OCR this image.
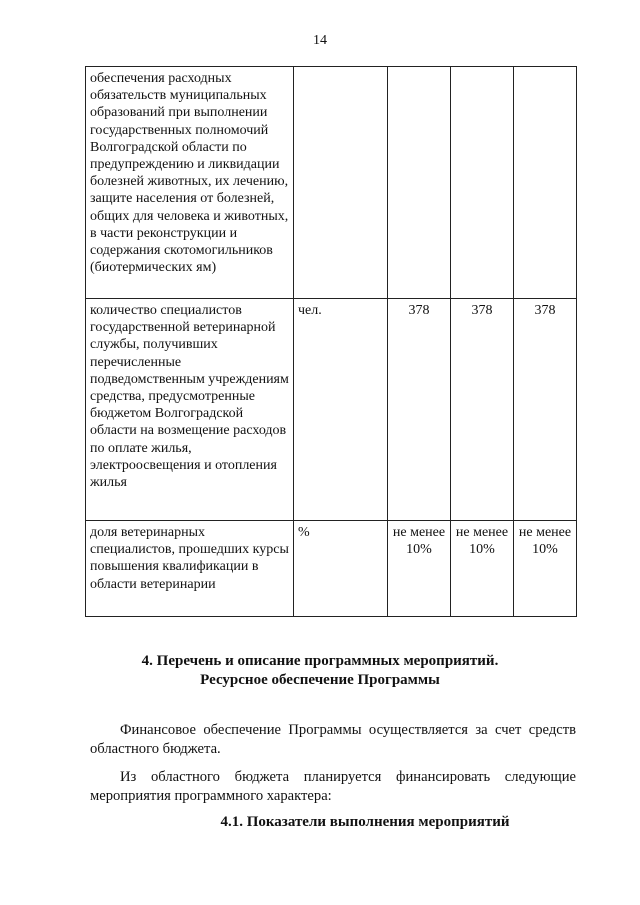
14
обеспечения расходных обязательств муниципальных образований при выполнении государственных полномочий Волгоградской области по предупреждению и ликвидации болезней животных, их лечению, защите населения от болезней, общих для человека и животных, в части реконструкции и содержания скотомогильников (биотермических ям)				
количество специалистов государственной ветеринарной службы, получивших перечисленные подведомственным учреждениям средства, предусмотренные бюджетом Волгоградской области на возмещение расходов по оплате жилья, электроосвещения и отопления жилья	чел.	378	378	378
доля ветеринарных специалистов, прошедших курсы повышения квалификации в области ветеринарии	%	не менее 10%	не менее 10%	не менее 10%
4. Перечень и описание программных мероприятий.
Ресурсное обеспечение Программы
Финансовое обеспечение Программы осуществляется за счет средств
областного бюджета.
Из областного бюджета планируется финансировать следующие
мероприятия программного характера:
4.1. Показатели выполнения мероприятий
